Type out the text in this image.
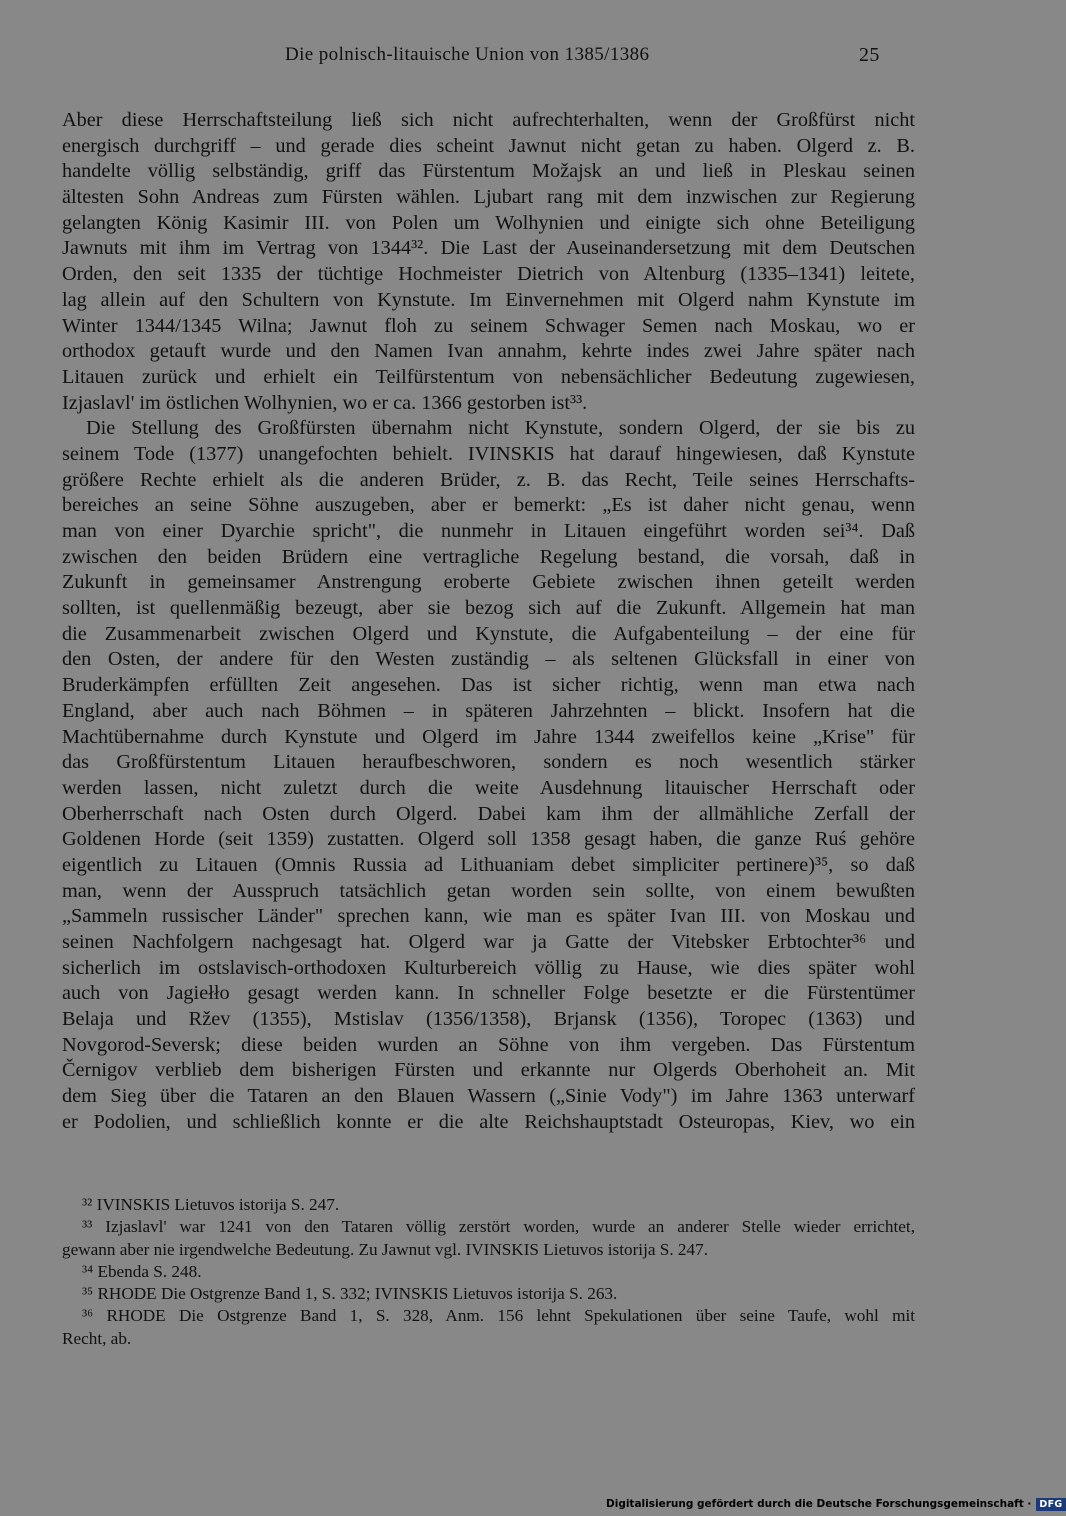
Die polnisch-litauische Union von 1385/1386	25
Aber diese Herrschaftsteilung ließ sich nicht aufrechterhalten, wenn der Großfürst nicht
energisch durchgriff – und gerade dies scheint Jawnut nicht getan zu haben. Olgerd z. B.
handelte völlig selbständig, griff das Fürstentum Možajsk an und ließ in Pleskau seinen
ältesten Sohn Andreas zum Fürsten wählen. Ljubart rang mit dem inzwischen zur Regierung
gelangten König Kasimir III. von Polen um Wolhynien und einigte sich ohne Beteiligung
Jawnuts mit ihm im Vertrag von 1344³². Die Last der Auseinandersetzung mit dem Deutschen
Orden, den seit 1335 der tüchtige Hochmeister Dietrich von Altenburg (1335–1341) leitete,
lag allein auf den Schultern von Kynstute. Im Einvernehmen mit Olgerd nahm Kynstute im
Winter 1344/1345 Wilna; Jawnut floh zu seinem Schwager Semen nach Moskau, wo er
orthodox getauft wurde und den Namen Ivan annahm, kehrte indes zwei Jahre später nach
Litauen zurück und erhielt ein Teilfürstentum von nebensächlicher Bedeutung zugewiesen,
Izjaslavl' im östlichen Wolhynien, wo er ca. 1366 gestorben ist³³.
Die Stellung des Großfürsten übernahm nicht Kynstute, sondern Olgerd, der sie bis zu
seinem Tode (1377) unangefochten behielt. IVINSKIS hat darauf hingewiesen, daß Kynstute
größere Rechte erhielt als die anderen Brüder, z. B. das Recht, Teile seines Herrschafts-
bereiches an seine Söhne auszugeben, aber er bemerkt: „Es ist daher nicht genau, wenn
man von einer Dyarchie spricht", die nunmehr in Litauen eingeführt worden sei³⁴. Daß
zwischen den beiden Brüdern eine vertragliche Regelung bestand, die vorsah, daß in
Zukunft in gemeinsamer Anstrengung eroberte Gebiete zwischen ihnen geteilt werden
sollten, ist quellenmäßig bezeugt, aber sie bezog sich auf die Zukunft. Allgemein hat man
die Zusammenarbeit zwischen Olgerd und Kynstute, die Aufgabenteilung – der eine für
den Osten, der andere für den Westen zuständig – als seltenen Glücksfall in einer von
Bruderkämpfen erfüllten Zeit angesehen. Das ist sicher richtig, wenn man etwa nach
England, aber auch nach Böhmen – in späteren Jahrzehnten – blickt. Insofern hat die
Machtübernahme durch Kynstute und Olgerd im Jahre 1344 zweifellos keine „Krise" für
das Großfürstentum Litauen heraufbeschworen, sondern es noch wesentlich stärker
werden lassen, nicht zuletzt durch die weite Ausdehnung litauischer Herrschaft oder
Oberherrschaft nach Osten durch Olgerd. Dabei kam ihm der allmähliche Zerfall der
Goldenen Horde (seit 1359) zustatten. Olgerd soll 1358 gesagt haben, die ganze Ruś gehöre
eigentlich zu Litauen (Omnis Russia ad Lithuaniam debet simpliciter pertinere)³⁵, so daß
man, wenn der Ausspruch tatsächlich getan worden sein sollte, von einem bewußten
„Sammeln russischer Länder" sprechen kann, wie man es später Ivan III. von Moskau und
seinen Nachfolgern nachgesagt hat. Olgerd war ja Gatte der Vitebsker Erbtochter³⁶ und
sicherlich im ostslavisch-orthodoxen Kulturbereich völlig zu Hause, wie dies später wohl
auch von Jagiełło gesagt werden kann. In schneller Folge besetzte er die Fürstentümer
Belaja und Ržev (1355), Mstislav (1356/1358), Brjansk (1356), Toropec (1363) und
Novgorod-Seversk; diese beiden wurden an Söhne von ihm vergeben. Das Fürstentum
Černigov verblieb dem bisherigen Fürsten und erkannte nur Olgerds Oberhoheit an. Mit
dem Sieg über die Tataren an den Blauen Wassern („Sinie Vody") im Jahre 1363 unterwarf
er Podolien, und schließlich konnte er die alte Reichshauptstadt Osteuropas, Kiev, wo ein
³² IVINSKIS Lietuvos istorija S. 247.
³³ Izjaslavl' war 1241 von den Tataren völlig zerstört worden, wurde an anderer Stelle wieder errichtet,
gewann aber nie irgendwelche Bedeutung. Zu Jawnut vgl. IVINSKIS Lietuvos istorija S. 247.
³⁴ Ebenda S. 248.
³⁵ RHODE Die Ostgrenze Band 1, S. 332; IVINSKIS Lietuvos istorija S. 263.
³⁶ RHODE Die Ostgrenze Band 1, S. 328, Anm. 156 lehnt Spekulationen über seine Taufe, wohl mit
Recht, ab.
Digitalisierung gefördert durch die Deutsche Forschungsgemeinschaft · DFG
